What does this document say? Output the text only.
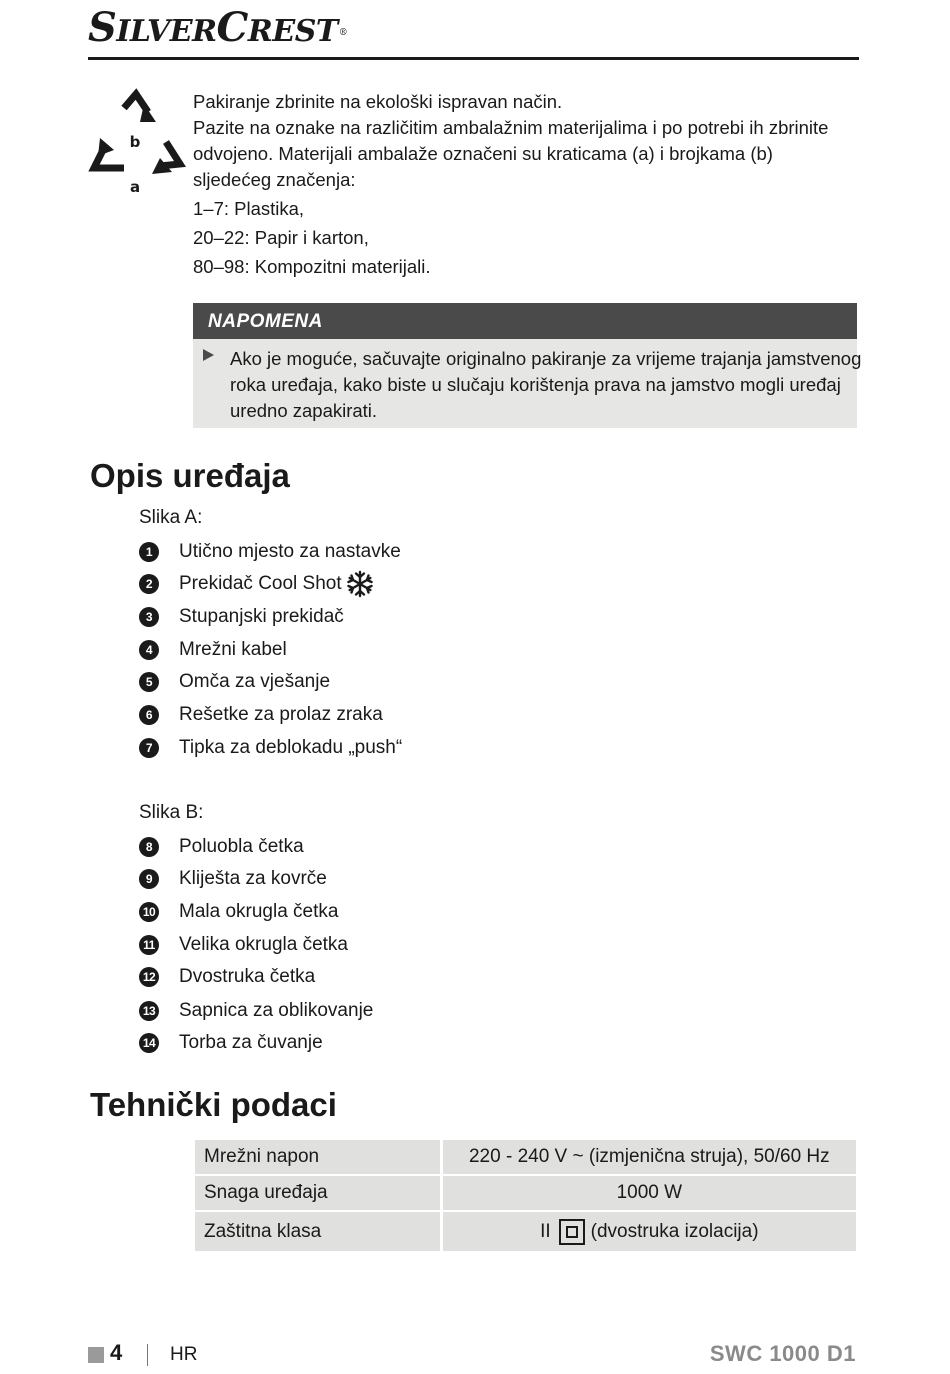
SILVERCREST®
b
a
Pakiranje zbrinite na ekološki ispravan način.
Pazite na oznake na različitim ambalažnim materijalima i po potrebi ih zbrinite
odvojeno. Materijali ambalaže označeni su kraticama (a) i brojkama (b)
sljedećeg značenja:
1–7: Plastika,
20–22: Papir i karton,
80–98: Kompozitni materijali.
NAPOMENA
Ako je moguće, sačuvajte originalno pakiranje za vrijeme trajanja jamstvenog
roka uređaja, kako biste u slučaju korištenja prava na jamstvo mogli uređaj
uredno zapakirati.
Opis uređaja
Slika A:
1	Utično mjesto za nastavke
2	Prekidač Cool Shot
3	Stupanjski prekidač
4	Mrežni kabel
5	Omča za vješanje
6	Rešetke za prolaz zraka
7	Tipka za deblokadu „push“
Slika B:
8	Poluobla četka
9	Kliješta za kovrče
10 Mala okrugla četka
11 Velika okrugla četka
12 Dvostruka četka
13 Sapnica za oblikovanje
14 Torba za čuvanje
Tehnički podaci
Mrežni napon	220 - 240 V ~ (izmjenična struja), 50/60 Hz
Snaga uređaja	1000 W
Zaštitna klasa	II (dvostruka izolacija)
4	HR	SWC 1000 D1
